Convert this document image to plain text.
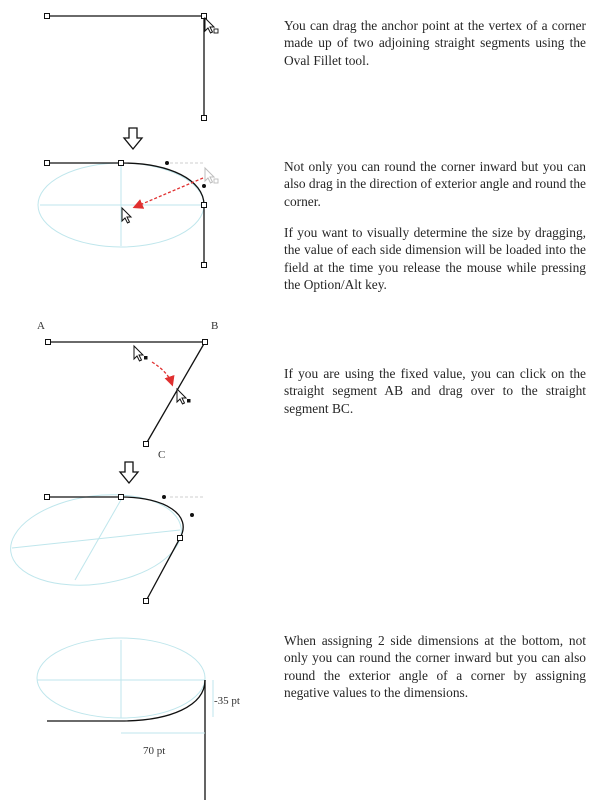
A	B
C
-35 pt
70 pt

You can drag the anchor point at the vertex of a corner made up of two adjoining straight segments using the Oval Fillet tool.

Not only you can round the corner inward but you can also drag in the direction of exterior angle and round the corner.

If you want to visually determine the size by dragging, the value of each side dimension will be loaded into the field at the time you release the mouse while pressing the Option/Alt key.

If you are using the fixed value, you can click on the straight segment AB and drag over to the straight segment BC.

When assigning 2 side dimensions at the bottom, not only you can round the corner inward but you can also round the exterior angle of a corner by assigning negative values to the dimensions.
